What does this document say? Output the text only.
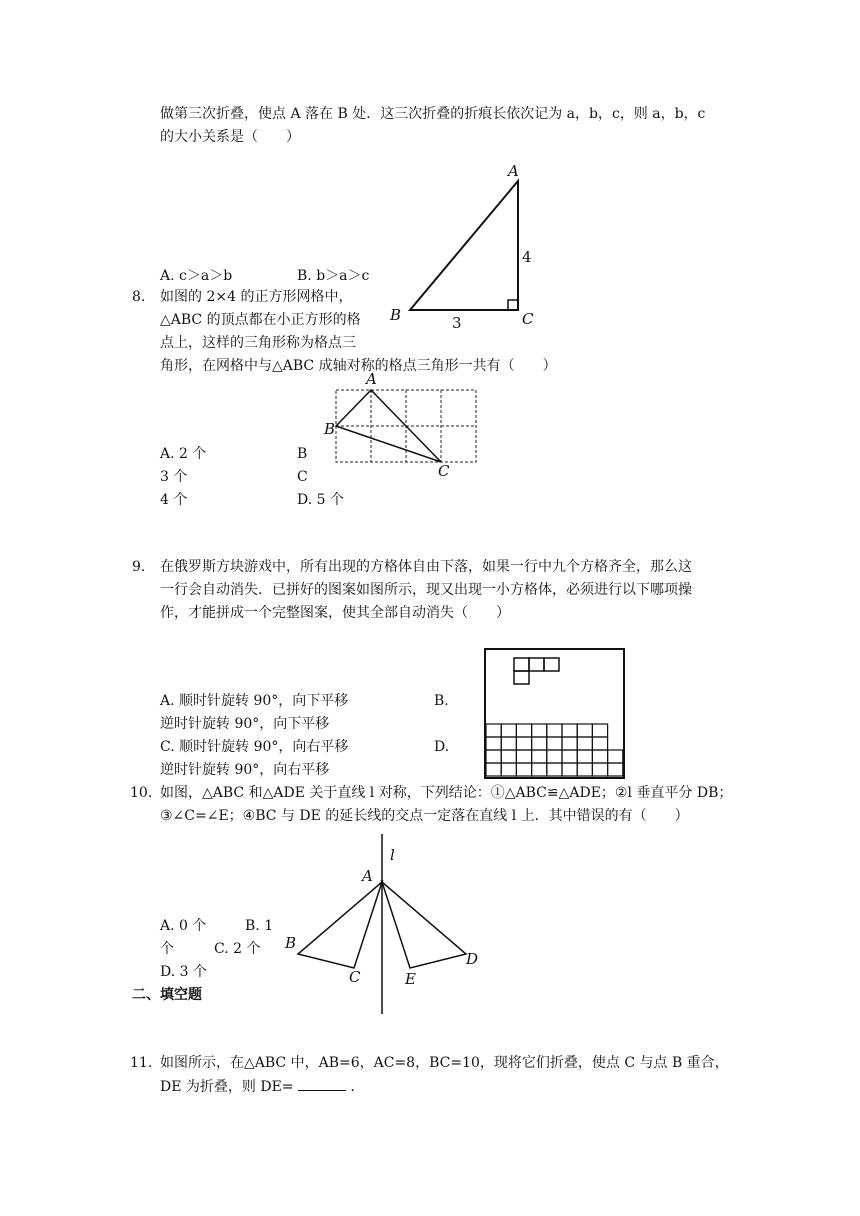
做第三次折叠，使点 A 落在 B 处．这三次折叠的折痕长依次记为 a，b，c，则 a，b，c
的大小关系是（　　）
A
B	C
4
3
A. c＞a＞b	B. b＞a＞c
8. 如图的 2×4 的正方形网格中，
△ABC 的顶点都在小正方形的格
点上，这样的三角形称为格点三
角形，在网格中与△ABC 成轴对称的格点三角形一共有（　　）
A
B
C
A. 2 个	B
3 个	C
4 个	D. 5 个
9. 在俄罗斯方块游戏中，所有出现的方格体自由下落，如果一行中九个方格齐全，那么这
一行会自动消失．已拼好的图案如图所示，现又出现一小方格体，必须进行以下哪项操
作，才能拼成一个完整图案，使其全部自动消失（　　）
A. 顺时针旋转 90°，向下平移	B.
逆时针旋转 90°，向下平移
C. 顺时针旋转 90°，向右平移	D.
逆时针旋转 90°，向右平移
10. 如图，△ABC 和△ADE 关于直线 l 对称，下列结论：①△ABC≌△ADE；②l 垂直平分 DB；
③∠C=∠E；④BC 与 DE 的延长线的交点一定落在直线 l 上．其中错误的有（　　）
l
A
B
C
D
E
A. 0 个	B. 1
个	C. 2 个
D. 3 个
二、填空题
11. 如图所示，在△ABC 中，AB=6，AC=8，BC=10，现将它们折叠，使点 C 与点 B 重合，
DE 为折叠，则 DE=	．
